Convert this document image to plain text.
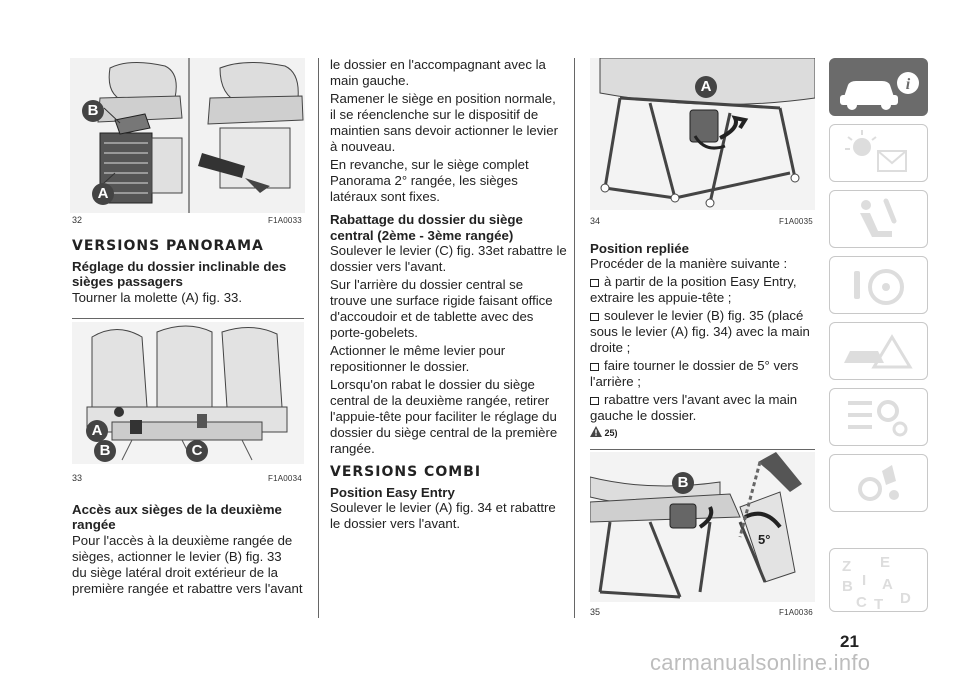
B
A
32	F1A0033
VERSIONS PANORAMA
Réglage du dossier inclinable des
sièges passagers
Tourner la molette (A) fig. 33.
A
B	C
33	F1A0034
Accès aux sièges de la deuxième
rangée
Pour l'accès à la deuxième rangée de
sièges, actionner le levier (B) fig. 33
du siège latéral droit extérieur de la
première rangée et rabattre vers l'avant
le dossier en l'accompagnant avec la
main gauche.
Ramener le siège en position normale,
il se réenclenche sur le dispositif de
maintien sans devoir actionner le levier
à nouveau.
En revanche, sur le siège complet
Panorama 2° rangée, les sièges
latéraux sont fixes.
Rabattage du dossier du siège
central (2ème - 3ème rangée)
Soulever le levier (C) fig. 33et rabattre le
dossier vers l'avant.
Sur l'arrière du dossier central se
trouve une surface rigide faisant office
d'accoudoir et de tablette avec des
porte-gobelets.
Actionner le même levier pour
repositionner le dossier.
Lorsqu'on rabat le dossier du siège
central de la deuxième rangée, retirer
l'appuie-tête pour faciliter le réglage du
dossier du siège central de la première
rangée.
VERSIONS COMBI
Position Easy Entry
Soulever le levier (A) fig. 34 et rabattre
le dossier vers l'avant.
A
34	F1A0035
Position repliée
Procéder de la manière suivante :
à partir de la position Easy Entry,
extraire les appuie-tête ;
soulever le levier (B) fig. 35 (placé
sous le levier (A) fig. 34) avec la main
droite ;
faire tourner le dossier de 5° vers
l'arrière ;
rabattre vers l'avant avec la main
gauche le dossier.
25)
B
5°
35	F1A0036
i
Z E
B A
C T D
I
21
carmanualsonline.info
